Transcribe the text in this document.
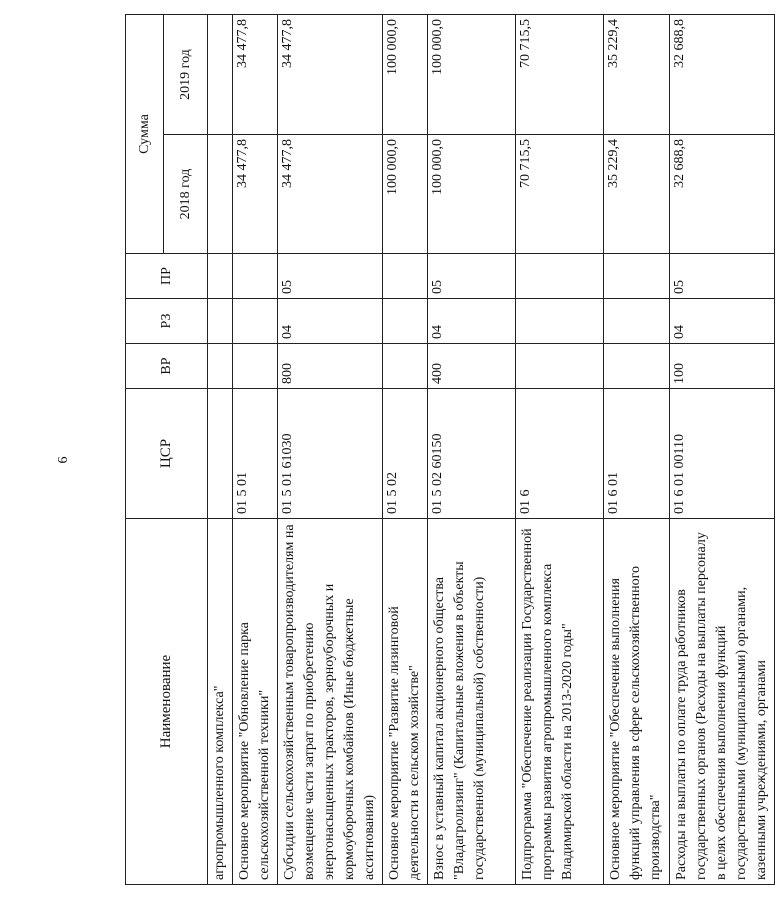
6
Наименование	ЦСР	ВР	РЗ	ПР	Сумма	
					2018 год	2019 год
агропромышленного комплекса"						
Основное мероприятие "Обновление парка сельскохозяйственной техники"	01 5 01				34 477,8	34 477,8
Субсидии сельскохозяйственным товаропроизводителям на возмещение части затрат по приобретению энергонасыщенных тракторов, зерноуборочных и кормоуборочных комбайнов (Иные бюджетные ассигнования)	01 5 01 61030	800	04	05	34 477,8	34 477,8
Основное мероприятие "Развитие лизинговой деятельности в сельском хозяйстве"	01 5 02				100 000,0	100 000,0
Взнос в уставный капитал акционерного общества "Владагролизинг" (Капитальные вложения в объекты государственной (муниципальной) собственности)	01 5 02 60150	400	04	05	100 000,0	100 000,0
Подпрограмма "Обеспечение реализации Государственной программы развития агропромышленного комплекса Владимирской области на 2013-2020 годы"	01 6				70 715,5	70 715,5
Основное мероприятие "Обеспечение выполнения функций управления в сфере сельскохозяйственного производства"	01 6 01				35 229,4	35 229,4
Расходы на выплаты по оплате труда работников государственных органов (Расходы на выплаты персоналу в целях обеспечения выполнения функций государственными (муниципальными) органами, казенными учреждениями, органами	01 6 01 00110	100	04	05	32 688,8	32 688,8
